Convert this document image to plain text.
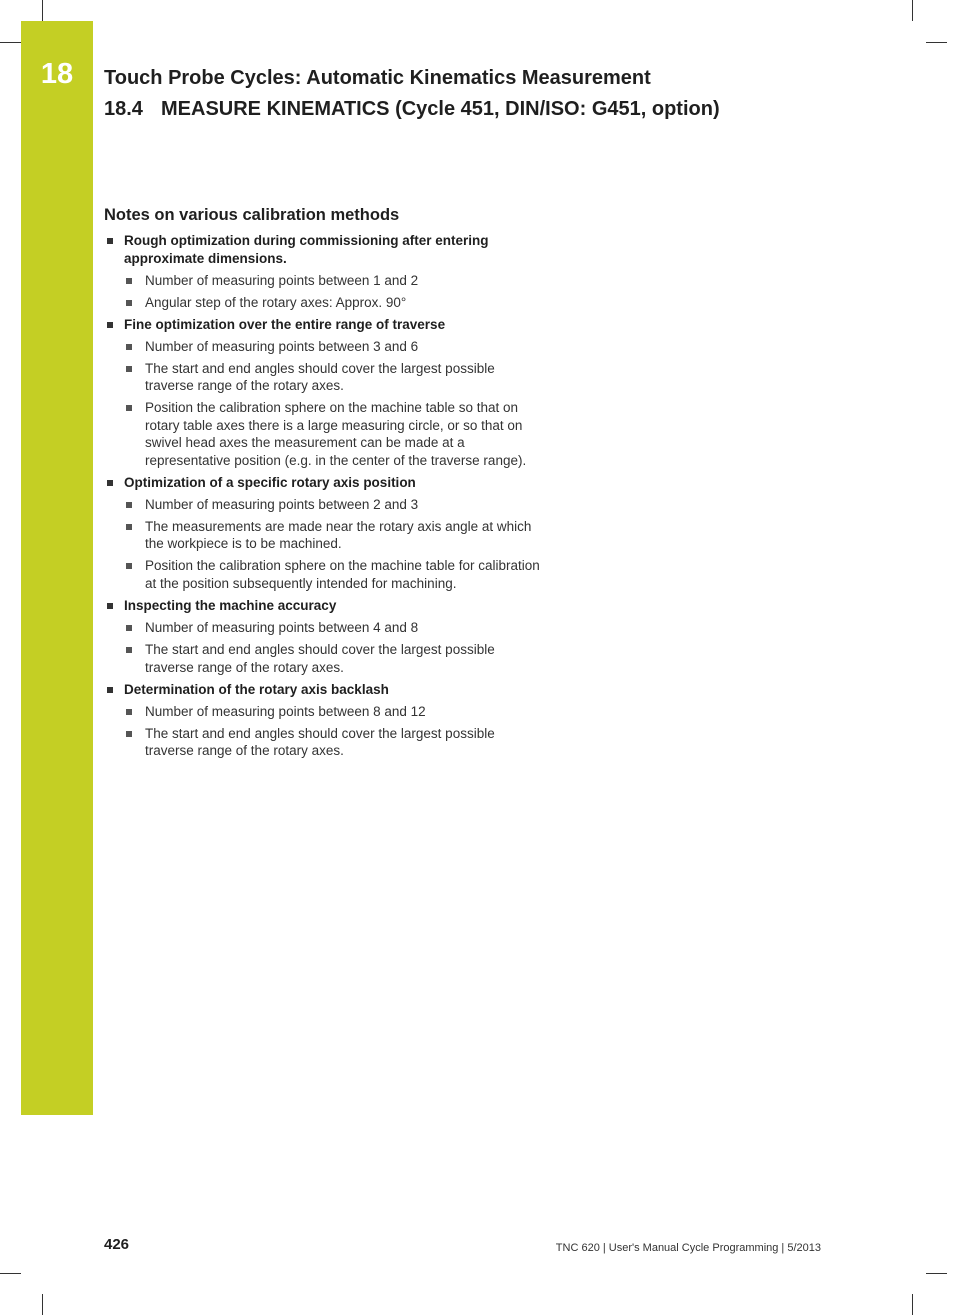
18	Touch Probe Cycles: Automatic Kinematics Measurement
18.4 MEASURE KINEMATICS (Cycle 451, DIN/ISO: G451, option)
Notes on various calibration methods
Rough optimization during commissioning after entering approximate dimensions.
Number of measuring points between 1 and 2
Angular step of the rotary axes: Approx. 90°
Fine optimization over the entire range of traverse
Number of measuring points between 3 and 6
The start and end angles should cover the largest possible traverse range of the rotary axes.
Position the calibration sphere on the machine table so that on rotary table axes there is a large measuring circle, or so that on swivel head axes the measurement can be made at a representative position (e.g. in the center of the traverse range).
Optimization of a specific rotary axis position
Number of measuring points between 2 and 3
The measurements are made near the rotary axis angle at which the workpiece is to be machined.
Position the calibration sphere on the machine table for calibration at the position subsequently intended for machining.
Inspecting the machine accuracy
Number of measuring points between 4 and 8
The start and end angles should cover the largest possible traverse range of the rotary axes.
Determination of the rotary axis backlash
Number of measuring points between 8 and 12
The start and end angles should cover the largest possible traverse range of the rotary axes.
426	TNC 620 | User's Manual Cycle Programming | 5/2013
